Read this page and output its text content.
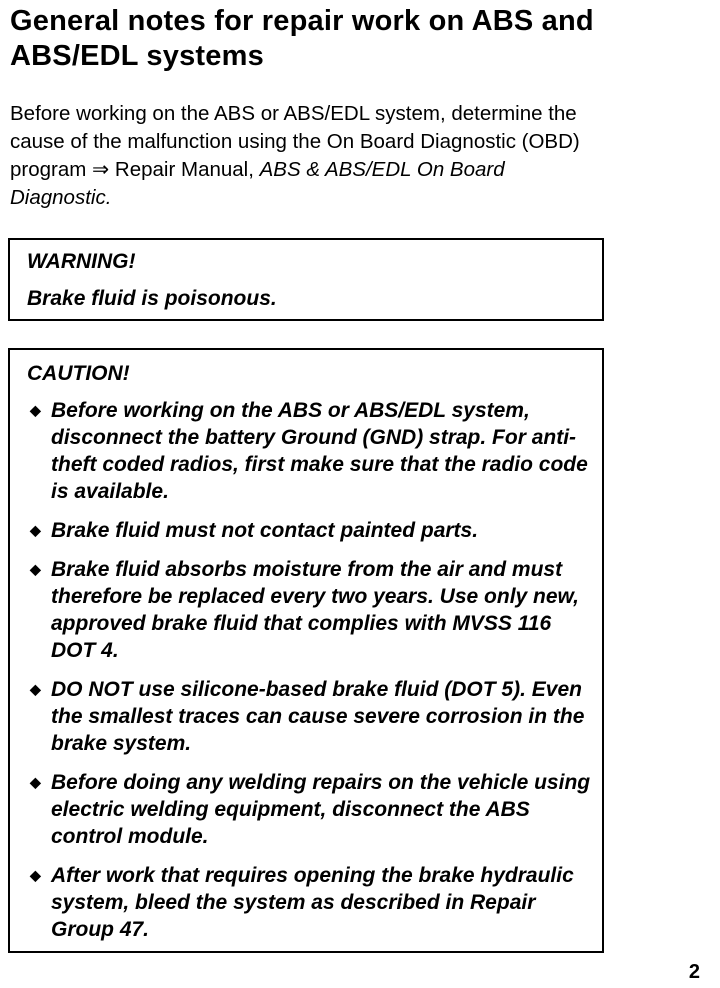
General notes for repair work on ABS and ABS/EDL systems

Before working on the ABS or ABS/EDL system, determine the cause of the malfunction using the On Board Diagnostic (OBD) program ⇒ Repair Manual, ABS & ABS/EDL On Board Diagnostic.

WARNING!

Brake fluid is poisonous.

CAUTION!

◆ Before working on the ABS or ABS/EDL system, disconnect the battery Ground (GND) strap. For anti-theft coded radios, first make sure that the radio code is available.
◆ Brake fluid must not contact painted parts.
◆ Brake fluid absorbs moisture from the air and must therefore be replaced every two years. Use only new, approved brake fluid that complies with MVSS 116 DOT 4.
◆ DO NOT use silicone-based brake fluid (DOT 5). Even the smallest traces can cause severe corrosion in the brake system.
◆ Before doing any welding repairs on the vehicle using electric welding equipment, disconnect the ABS control module.
◆ After work that requires opening the brake hydraulic system, bleed the system as described in Repair Group 47.
2
